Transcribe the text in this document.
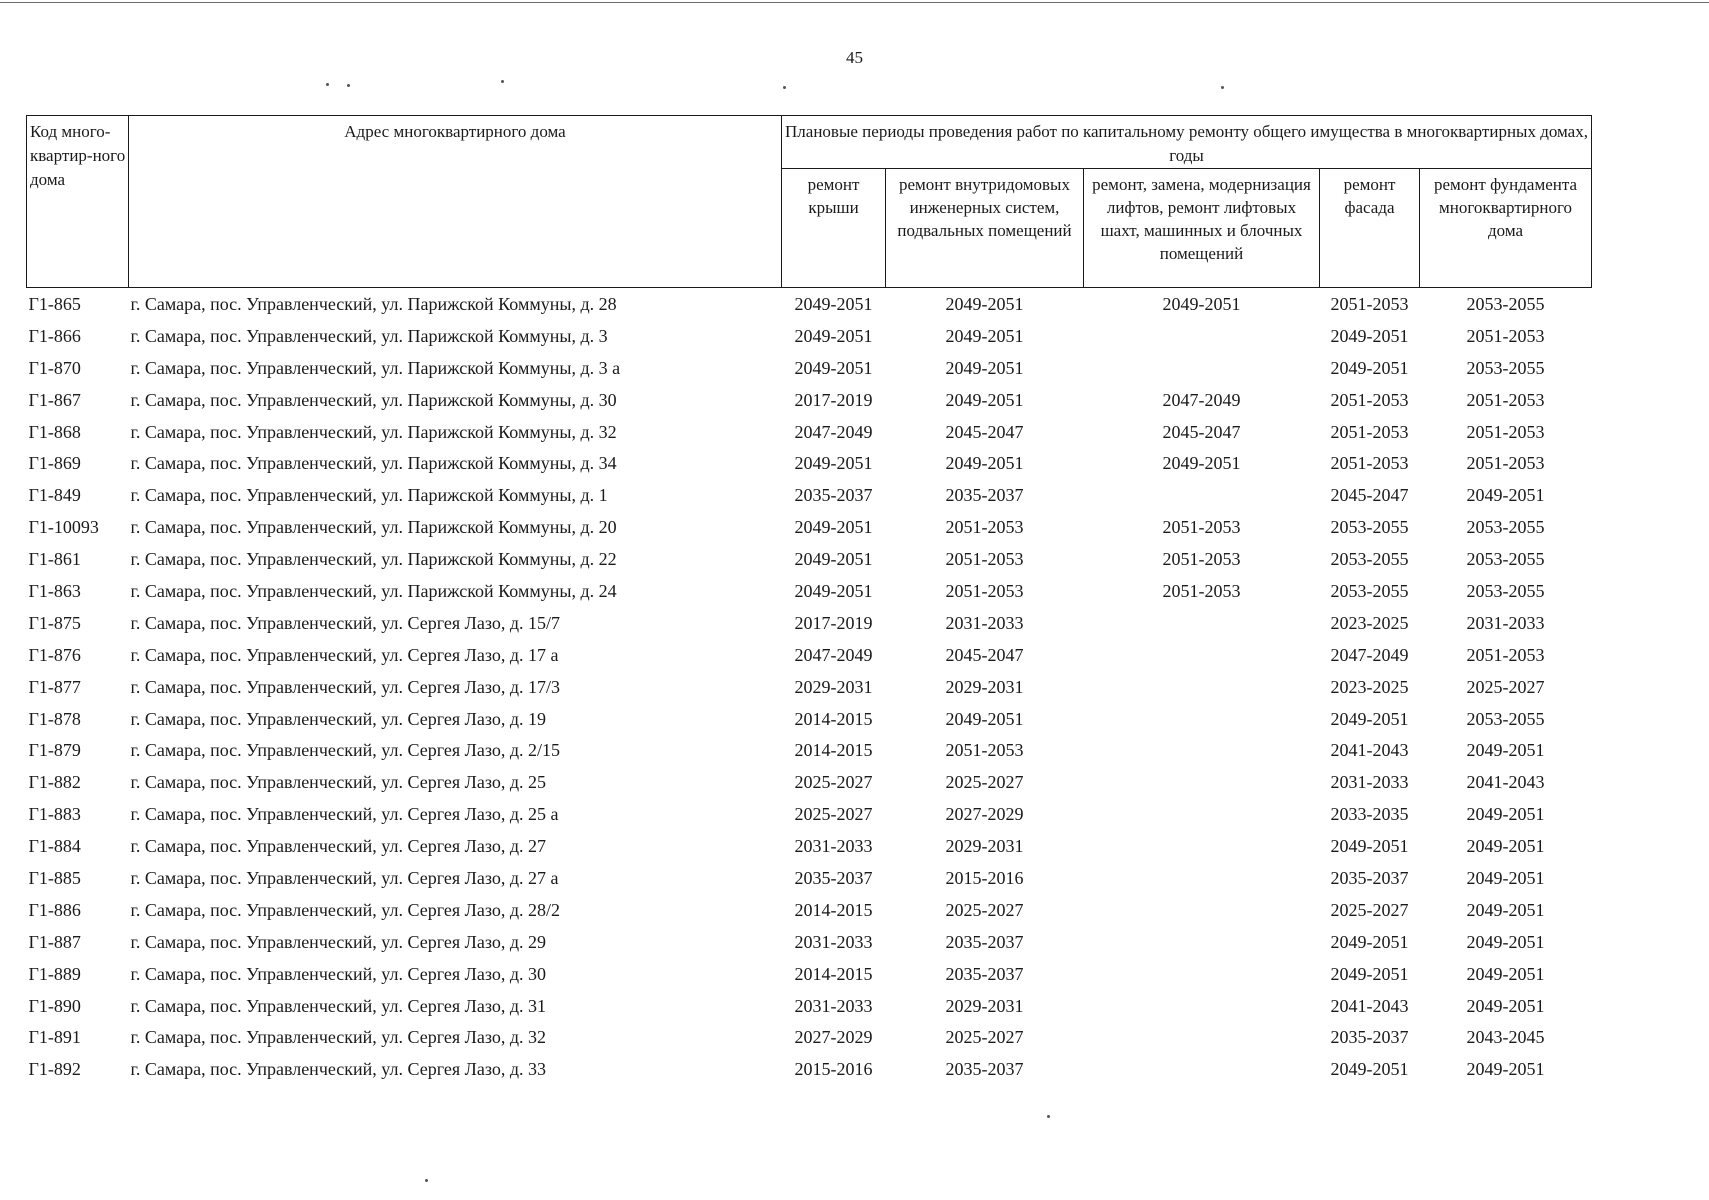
45
Код много-квартир-ного дома	Адрес многоквартирного дома	Плановые периоды проведения работ по капитальному ремонту общего имущества в многоквартирных домах, годы				
		ремонт крыши	ремонт внутридомовых инженерных систем, подвальных помещений	ремонт, замена, модернизация лифтов, ремонт лифтовых шахт, машинных и блочных помещений	ремонт фасада	ремонт фундамента многоквартирного дома
Г1-865	г. Самара, пос. Управленческий, ул. Парижской Коммуны, д. 28	2049-2051	2049-2051	2049-2051	2051-2053	2053-2055
Г1-866	г. Самара, пос. Управленческий, ул. Парижской Коммуны, д. 3	2049-2051	2049-2051		2049-2051	2051-2053
Г1-870	г. Самара, пос. Управленческий, ул. Парижской Коммуны, д. 3 а	2049-2051	2049-2051		2049-2051	2053-2055
Г1-867	г. Самара, пос. Управленческий, ул. Парижской Коммуны, д. 30	2017-2019	2049-2051	2047-2049	2051-2053	2051-2053
Г1-868	г. Самара, пос. Управленческий, ул. Парижской Коммуны, д. 32	2047-2049	2045-2047	2045-2047	2051-2053	2051-2053
Г1-869	г. Самара, пос. Управленческий, ул. Парижской Коммуны, д. 34	2049-2051	2049-2051	2049-2051	2051-2053	2051-2053
Г1-849	г. Самара, пос. Управленческий, ул. Парижской Коммуны, д. 1	2035-2037	2035-2037		2045-2047	2049-2051
Г1-10093	г. Самара, пос. Управленческий, ул. Парижской Коммуны, д. 20	2049-2051	2051-2053	2051-2053	2053-2055	2053-2055
Г1-861	г. Самара, пос. Управленческий, ул. Парижской Коммуны, д. 22	2049-2051	2051-2053	2051-2053	2053-2055	2053-2055
Г1-863	г. Самара, пос. Управленческий, ул. Парижской Коммуны, д. 24	2049-2051	2051-2053	2051-2053	2053-2055	2053-2055
Г1-875	г. Самара, пос. Управленческий, ул. Сергея Лазо, д. 15/7	2017-2019	2031-2033		2023-2025	2031-2033
Г1-876	г. Самара, пос. Управленческий, ул. Сергея Лазо, д. 17 а	2047-2049	2045-2047		2047-2049	2051-2053
Г1-877	г. Самара, пос. Управленческий, ул. Сергея Лазо, д. 17/3	2029-2031	2029-2031		2023-2025	2025-2027
Г1-878	г. Самара, пос. Управленческий, ул. Сергея Лазо, д. 19	2014-2015	2049-2051		2049-2051	2053-2055
Г1-879	г. Самара, пос. Управленческий, ул. Сергея Лазо, д. 2/15	2014-2015	2051-2053		2041-2043	2049-2051
Г1-882	г. Самара, пос. Управленческий, ул. Сергея Лазо, д. 25	2025-2027	2025-2027		2031-2033	2041-2043
Г1-883	г. Самара, пос. Управленческий, ул. Сергея Лазо, д. 25 а	2025-2027	2027-2029		2033-2035	2049-2051
Г1-884	г. Самара, пос. Управленческий, ул. Сергея Лазо, д. 27	2031-2033	2029-2031		2049-2051	2049-2051
Г1-885	г. Самара, пос. Управленческий, ул. Сергея Лазо, д. 27 а	2035-2037	2015-2016		2035-2037	2049-2051
Г1-886	г. Самара, пос. Управленческий, ул. Сергея Лазо, д. 28/2	2014-2015	2025-2027		2025-2027	2049-2051
Г1-887	г. Самара, пос. Управленческий, ул. Сергея Лазо, д. 29	2031-2033	2035-2037		2049-2051	2049-2051
Г1-889	г. Самара, пос. Управленческий, ул. Сергея Лазо, д. 30	2014-2015	2035-2037		2049-2051	2049-2051
Г1-890	г. Самара, пос. Управленческий, ул. Сергея Лазо, д. 31	2031-2033	2029-2031		2041-2043	2049-2051
Г1-891	г. Самара, пос. Управленческий, ул. Сергея Лазо, д. 32	2027-2029	2025-2027		2035-2037	2043-2045
Г1-892	г. Самара, пос. Управленческий, ул. Сергея Лазо, д. 33	2015-2016	2035-2037		2049-2051	2049-2051
